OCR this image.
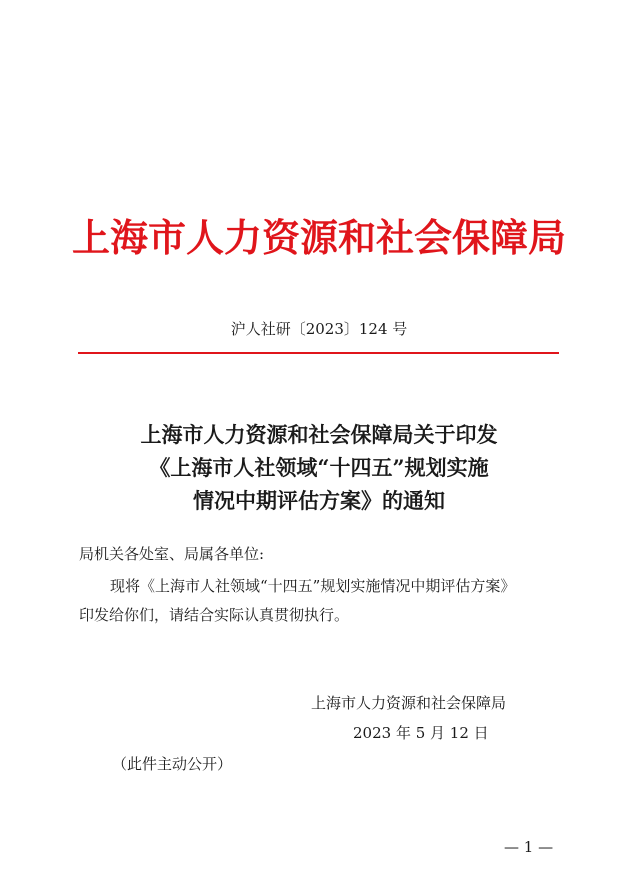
上海市人力资源和社会保障局
沪人社研〔2023〕124 号
上海市人力资源和社会保障局关于印发
《上海市人社领域“十四五”规划实施
情况中期评估方案》的通知
局机关各处室、局属各单位:
现将《上海市人社领域“十四五”规划实施情况中期评估方案》
印发给你们，请结合实际认真贯彻执行。
上海市人力资源和社会保障局
2023 年 5 月 12 日
（此件主动公开）
— 1 —
